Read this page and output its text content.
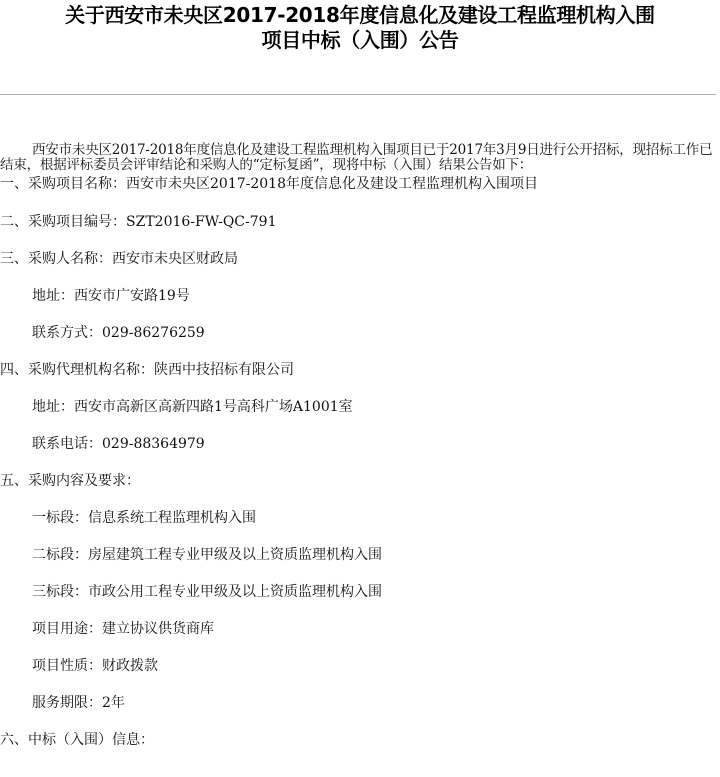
关于西安市未央区2017-2018年度信息化及建设工程监理机构入围
项目中标（入围）公告

西安市未央区2017-2018年度信息化及建设工程监理机构入围项目已于2017年3月9日进行公开招标，现招标工作已结束，根据评标委员会评审结论和采购人的“定标复函”，现将中标（入围）结果公告如下：

一、采购项目名称：西安市未央区2017-2018年度信息化及建设工程监理机构入围项目

二、采购项目编号：SZT2016-FW-QC-791

三、采购人名称：西安市未央区财政局

地址：西安市广安路19号

联系方式：029-86276259

四、采购代理机构名称：陕西中技招标有限公司

地址：西安市高新区高新四路1号高科广场A1001室

联系电话：029-88364979

五、采购内容及要求：

一标段：信息系统工程监理机构入围

二标段：房屋建筑工程专业甲级及以上资质监理机构入围

三标段：市政公用工程专业甲级及以上资质监理机构入围

项目用途：建立协议供货商库

项目性质：财政拨款

服务期限：2年

六、中标（入围）信息：
